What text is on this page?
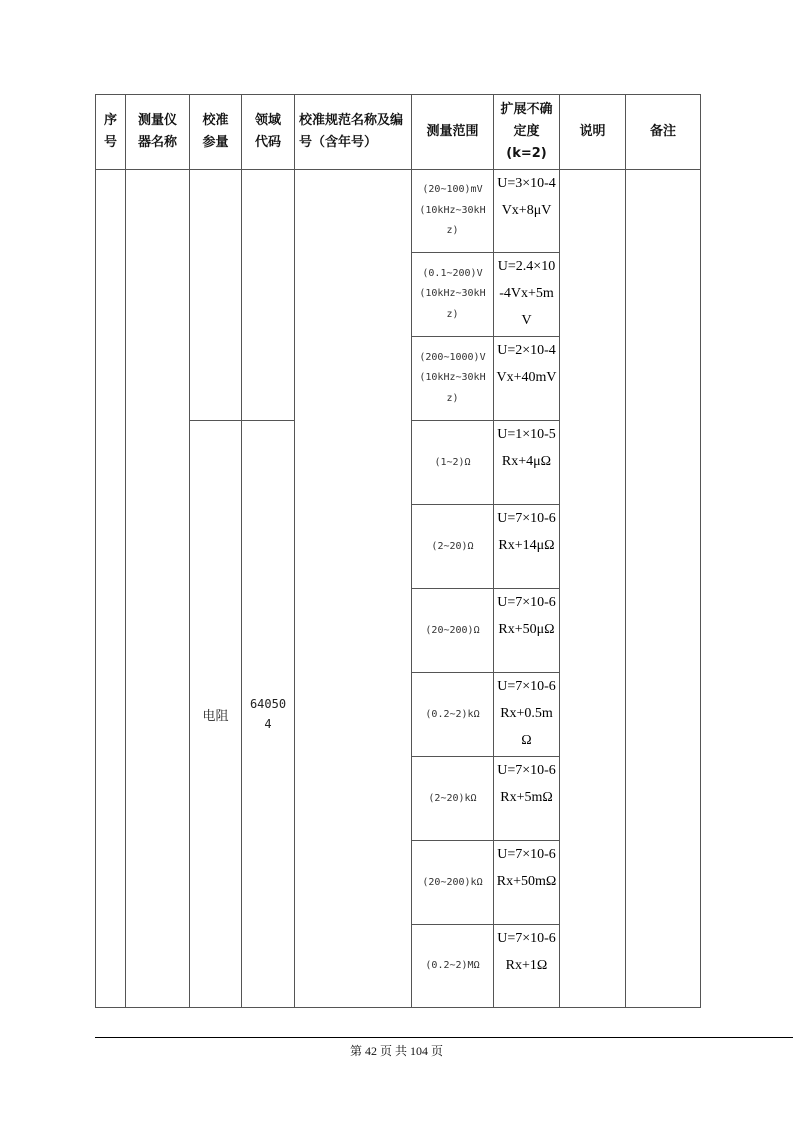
序号	测量仪器名称	校准参量	领域代码	校准规范名称及编号（含年号）	测量范围	扩展不确定度(k=2)	说明	备注
					(20~100)mV (10kHz~30kHz)	U=3×10-4Vx+8μV		
					(0.1~200)V (10kHz~30kHz)	U=2.4×10-4Vx+5mV		
					(200~1000)V (10kHz~30kHz)	U=2×10-4Vx+40mV		
		电阻	640504		(1~2)Ω	U=1×10-5Rx+4μΩ		
					(2~20)Ω	U=7×10-6Rx+14μΩ		
					(20~200)Ω	U=7×10-6Rx+50μΩ		
					(0.2~2)kΩ	U=7×10-6Rx+0.5mΩ		
					(2~20)kΩ	U=7×10-6Rx+5mΩ		
					(20~200)kΩ	U=7×10-6Rx+50mΩ		
					(0.2~2)MΩ	U=7×10-6Rx+1Ω		
第 42 页 共 104 页
